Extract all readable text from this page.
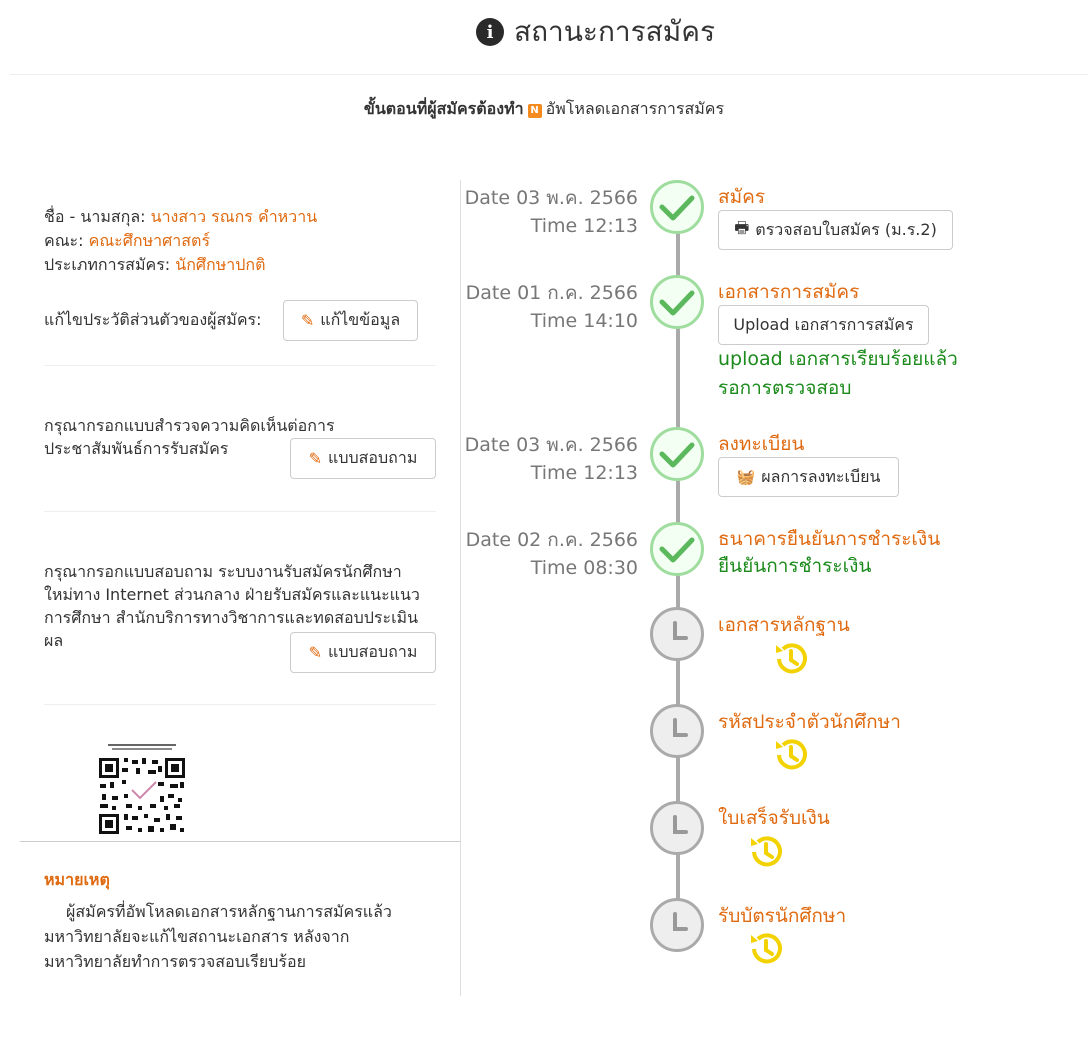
i สถานะการสมัคร
ขั้นตอนที่ผู้สมัครต้องทำ N อัพโหลดเอกสารการสมัคร
ชื่อ - นามสกุล: นางสาว รณกร คำหวาน
คณะ: คณะศึกษาศาสตร์
ประเภทการสมัคร: นักศึกษาปกติ
แก้ไขประวัติส่วนตัวของผู้สมัคร: ✎ แก้ไขข้อมูล
กรุณากรอกแบบสำรวจความคิดเห็นต่อการ
ประชาสัมพันธ์การรับสมัคร
✎ แบบสอบถาม
กรุณากรอกแบบสอบถาม ระบบงานรับสมัครนักศึกษา
ใหม่ทาง Internet ส่วนกลาง ฝ่ายรับสมัครและแนะแนว
การศึกษา สำนักบริการทางวิชาการและทดสอบประเมิน
ผล
✎ แบบสอบถาม
หมายเหตุ
ผู้สมัครที่อัพโหลดเอกสารหลักฐานการสมัครแล้ว
มหาวิทยาลัยจะแก้ไขสถานะเอกสาร หลังจาก
มหาวิทยาลัยทำการตรวจสอบเรียบร้อย
Date 03 พ.ค. 2566
Time 12:13
สมัคร
🖶 ตรวจสอบใบสมัคร (ม.ร.2)
Date 01 ก.ค. 2566
Time 14:10
เอกสารการสมัคร
Upload เอกสารการสมัคร
upload เอกสารเรียบร้อยแล้ว
รอการตรวจสอบ
Date 03 พ.ค. 2566
Time 12:13
ลงทะเบียน
🧺 ผลการลงทะเบียน
Date 02 ก.ค. 2566
Time 08:30
ธนาคารยืนยันการชำระเงิน
ยืนยันการชำระเงิน
เอกสารหลักฐาน
รหัสประจำตัวนักศึกษา
ใบเสร็จรับเงิน
รับบัตรนักศึกษา
